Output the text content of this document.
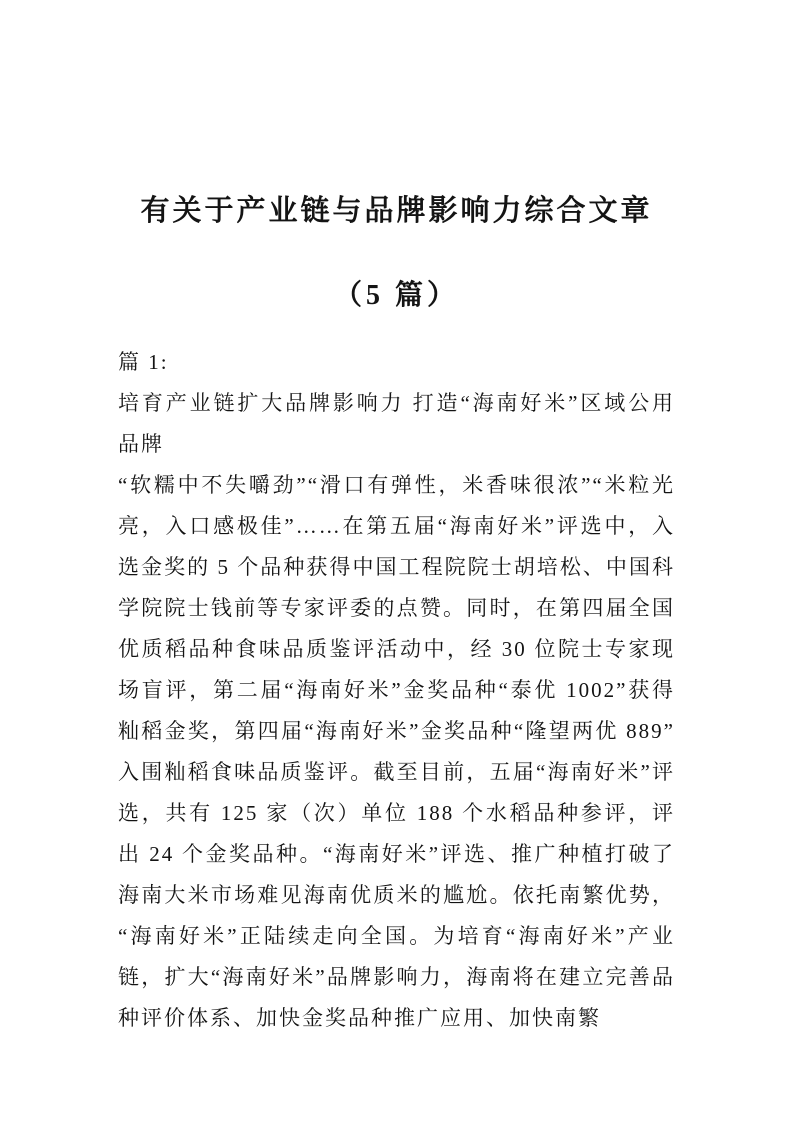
有关于产业链与品牌影响力综合文章
（5 篇）

篇 1:

培育产业链扩大品牌影响力 打造“海南好米”区域公用品牌

“软糯中不失嚼劲”“滑口有弹性，米香味很浓”“米粒光亮，入口感极佳”……在第五届“海南好米”评选中，入选金奖的 5 个品种获得中国工程院院士胡培松、中国科学院院士钱前等专家评委的点赞。同时，在第四届全国优质稻品种食味品质鉴评活动中，经 30 位院士专家现场盲评，第二届“海南好米”金奖品种“泰优 1002”获得籼稻金奖，第四届“海南好米”金奖品种“隆望两优 889”入围籼稻食味品质鉴评。截至目前，五届“海南好米”评选，共有 125 家（次）单位 188 个水稻品种参评，评出 24 个金奖品种。“海南好米”评选、推广种植打破了海南大米市场难见海南优质米的尴尬。依托南繁优势，“海南好米”正陆续走向全国。为培育“海南好米”产业链，扩大“海南好米”品牌影响力，海南将在建立完善品种评价体系、加快金奖品种推广应用、加快南繁
